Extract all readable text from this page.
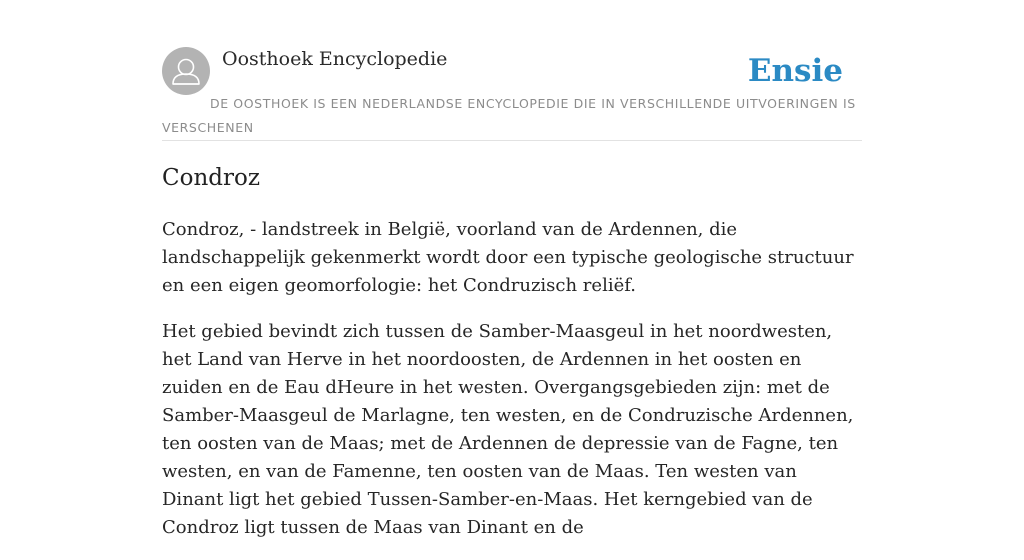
Oosthoek Encyclopedie	Ensie
DE OOSTHOEK IS EEN NEDERLANDSE ENCYCLOPEDIE DIE IN VERSCHILLENDE UITVOERINGEN IS VERSCHENEN
Condroz

Condroz, - landstreek in België, voorland van de Ardennen, die landschappelijk gekenmerkt wordt door een typische geologische structuur en een eigen geomorfologie: het Condruzisch reliëf.

Het gebied bevindt zich tussen de Samber-Maasgeul in het noordwesten, het Land van Herve in het noordoosten, de Ardennen in het oosten en zuiden en de Eau dHeure in het westen. Overgangsgebieden zijn: met de Samber-Maasgeul de Marlagne, ten westen, en de Condruzische Ardennen, ten oosten van de Maas; met de Ardennen de depressie van de Fagne, ten westen, en van de Famenne, ten oosten van de Maas. Ten westen van Dinant ligt het gebied Tussen-Samber-en-Maas. Het kerngebied van de Condroz ligt tussen de Maas van Dinant en de
